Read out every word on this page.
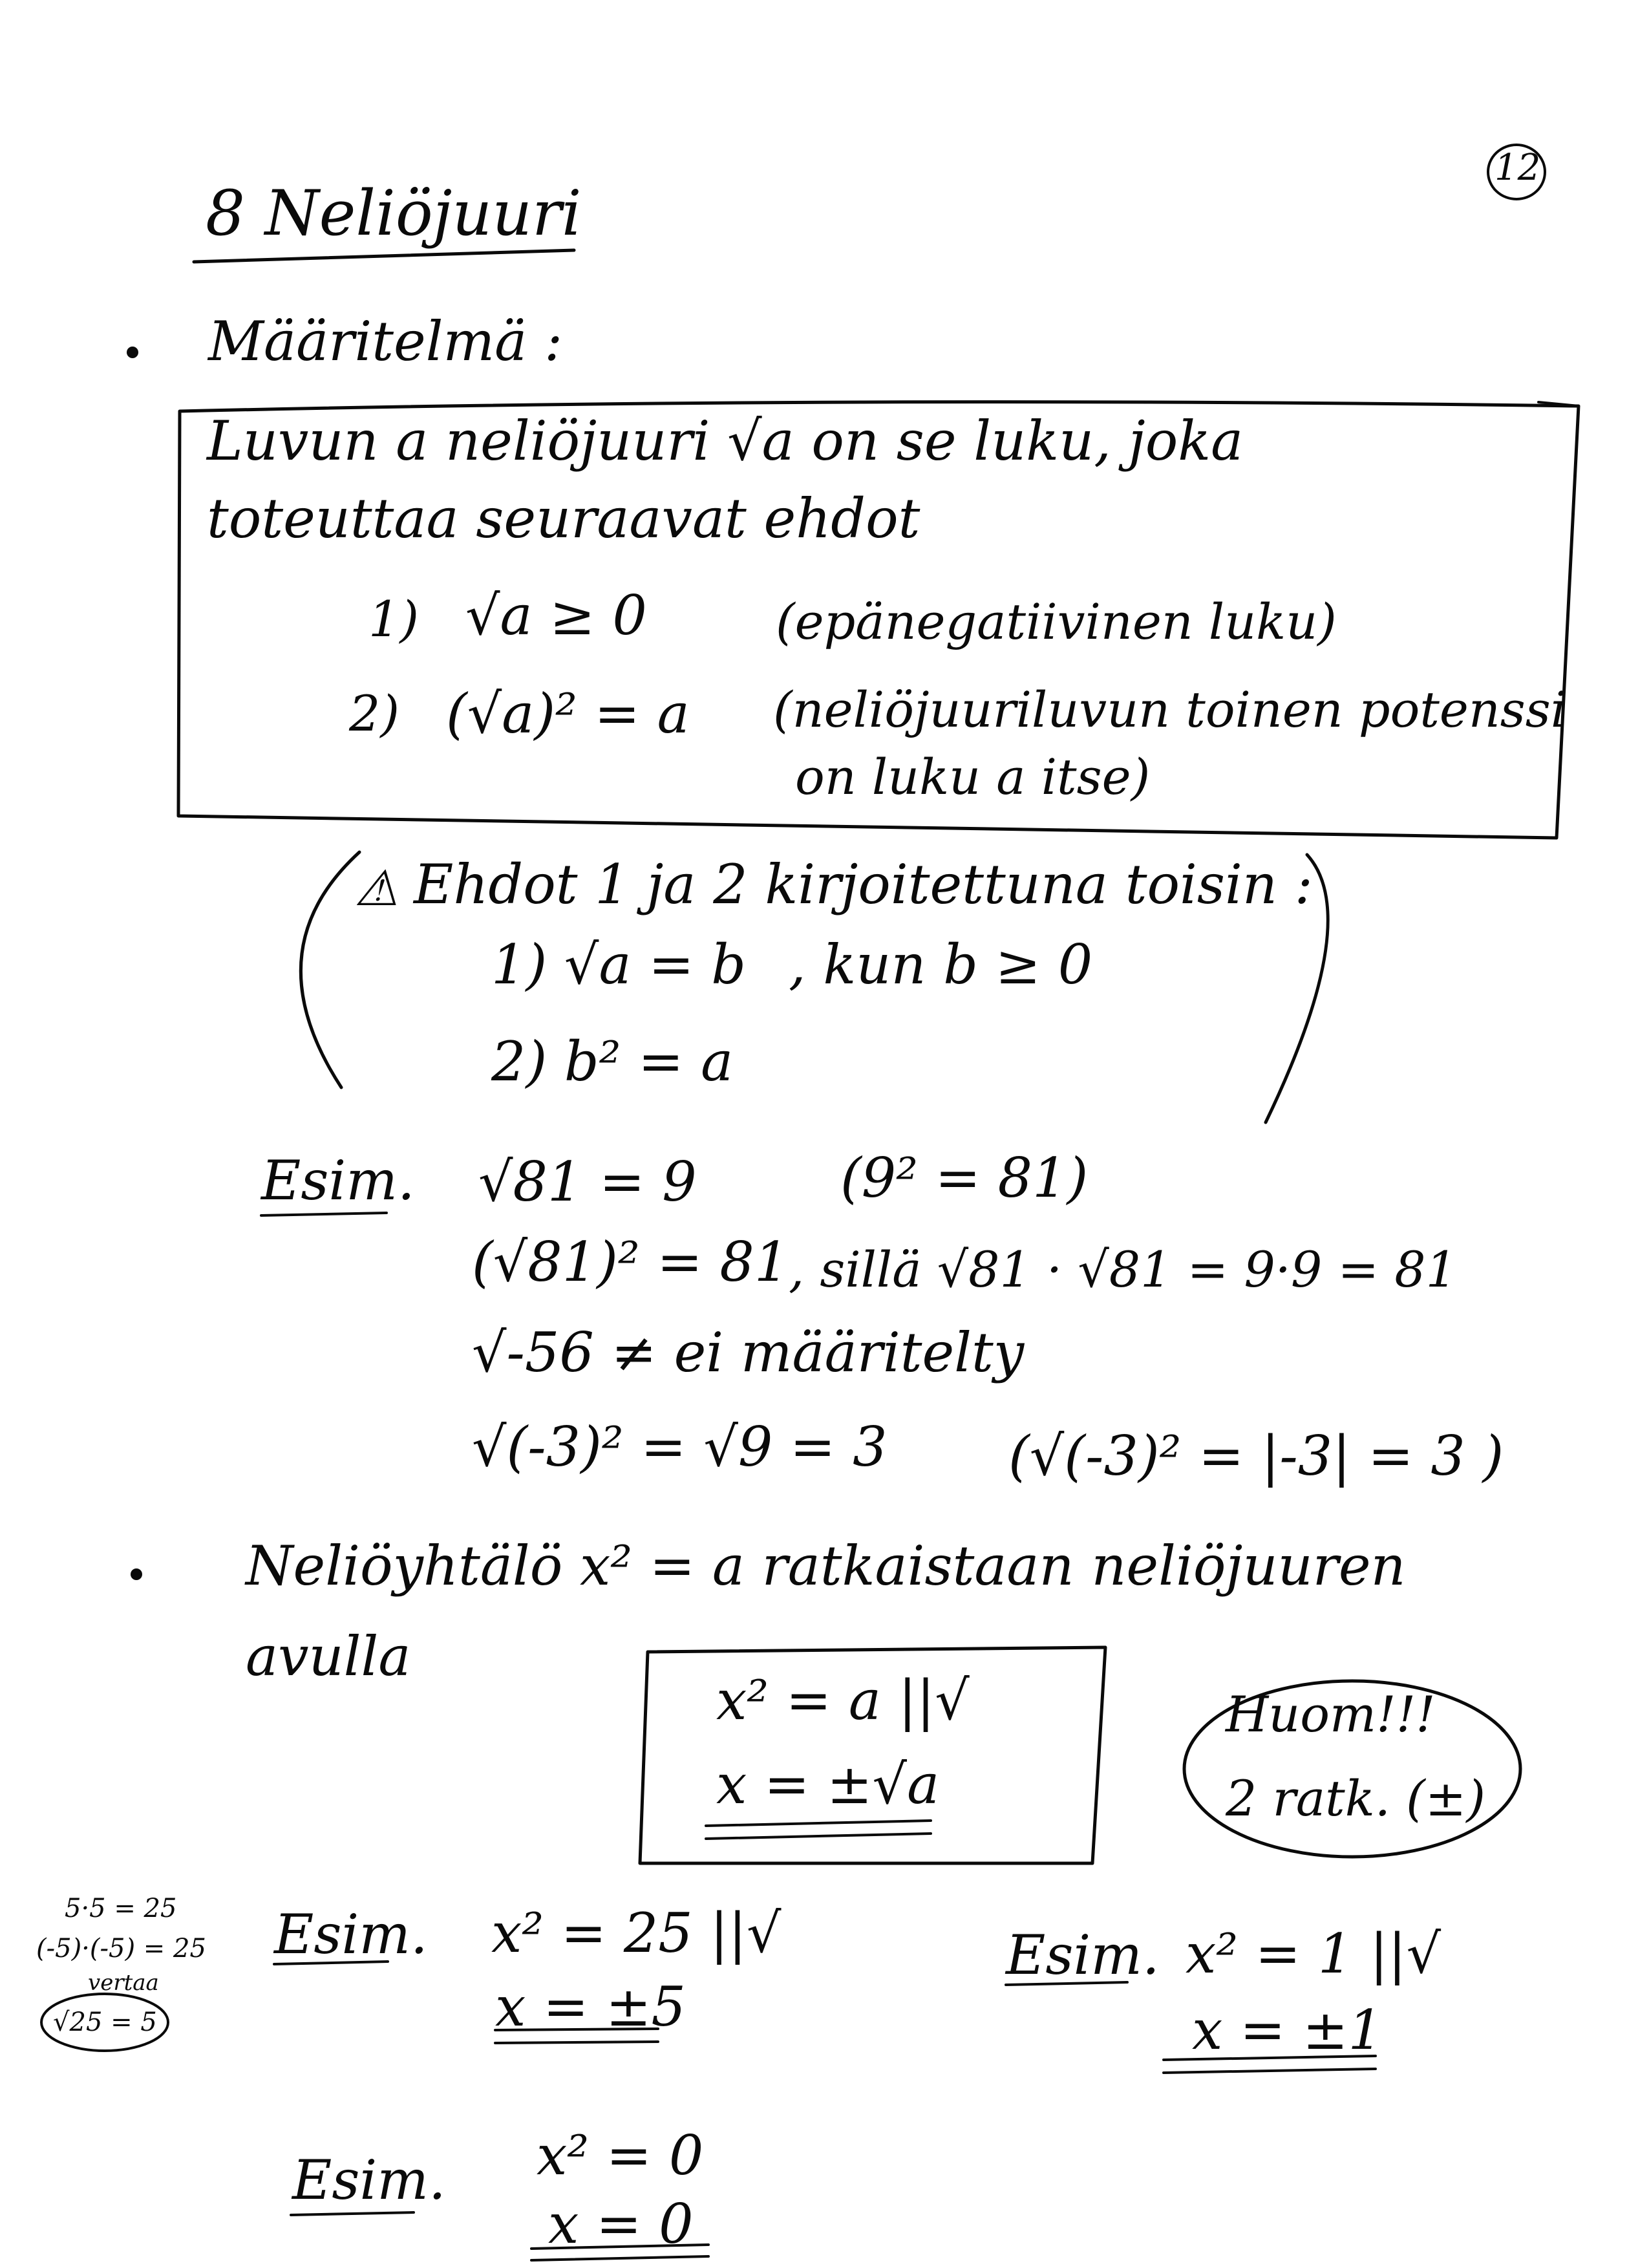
12
8 Neliöjuuri
Määritelmä :
Luvun a neliöjuuri √a on se luku, joka
toteuttaa seuraavat ehdot
1) √a ≥ 0	(epänegatiivinen luku)
2) (√a)² = a (neliöjuuriluvun toinen potenssi
on luku a itse)
⚠ Ehdot 1 ja 2 kirjoitettuna toisin :
1) √a = b , kun b ≥ 0
2) b² = a
Esim. √81 = 9	(9² = 81)
(√81)² = 81 , sillä √81 · √81 = 9·9 = 81
√-56 ≠ ei määritelty
√(-3)² = √9 = 3 (√(-3)² = |-3| = 3 )
Neliöyhtälö x² = a ratkaistaan neliöjuuren
avulla
x² = a ||√
x = ±√a
Huom!!!
2 ratk. (±)
5·5 = 25
(-5)·(-5) = 25
vertaa
√25 = 5
Esim. x² = 25 ||√
x = ±5
Esim. x² = 1 ||√
x = ±1
Esim. x² = 0
x = 0
